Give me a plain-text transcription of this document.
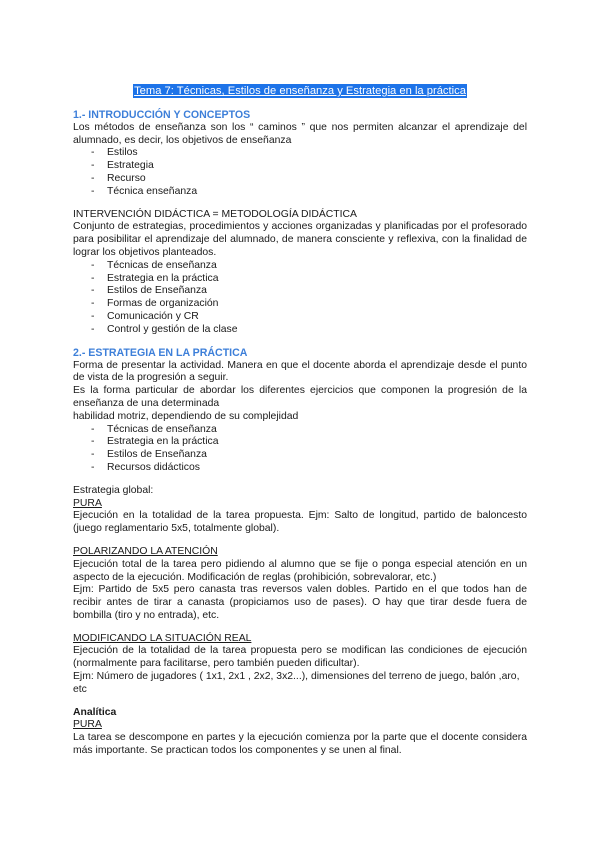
Tema 7: Técnicas, Estilos de enseñanza y Estrategia en la práctica

1.- INTRODUCCIÓN Y CONCEPTOS

Los métodos de enseñanza son los “ caminos ” que nos permiten alcanzar el aprendizaje del alumnado, es decir, los objetivos de enseñanza

- Estilos
- Estrategia
- Recurso
- Técnica enseñanza

INTERVENCIÓN DIDÁCTICA = METODOLOGÍA DIDÁCTICA

Conjunto de estrategias, procedimientos y acciones organizadas y planificadas por el profesorado para posibilitar el aprendizaje del alumnado, de manera consciente y reflexiva, con la finalidad de lograr los objetivos planteados.

- Técnicas de enseñanza
- Estrategia en la práctica
- Estilos de Enseñanza
- Formas de organización
- Comunicación y CR
- Control y gestión de la clase

2.- ESTRATEGIA EN LA PRÁCTICA

Forma de presentar la actividad. Manera en que el docente aborda el aprendizaje desde el punto de vista de la progresión a seguir.

Es la forma particular de abordar los diferentes ejercicios que componen la progresión de la enseñanza de una determinada

habilidad motriz, dependiendo de su complejidad

- Técnicas de enseñanza
- Estrategia en la práctica
- Estilos de Enseñanza
- Recursos didácticos

Estrategia global:

PURA

Ejecución en la totalidad de la tarea propuesta. Ejm: Salto de longitud, partido de baloncesto (juego reglamentario 5x5, totalmente global).

POLARIZANDO LA ATENCIÓN

Ejecución total de la tarea pero pidiendo al alumno que se fije o ponga especial atención en un aspecto de la ejecución. Modificación de reglas (prohibición, sobrevalorar, etc.)

Ejm: Partido de 5x5 pero canasta tras reversos valen dobles. Partido en el que todos han de recibir antes de tirar a canasta (propiciamos uso de pases). O hay que tirar desde fuera de bombilla (tiro y no entrada), etc.

MODIFICANDO LA SITUACIÓN REAL

Ejecución de la totalidad de la tarea propuesta pero se modifican las condiciones de ejecución (normalmente para facilitarse, pero también pueden dificultar).

Ejm: Número de jugadores ( 1x1, 2x1 , 2x2, 3x2...), dimensiones del terreno de juego, balón ,aro, etc

Analítica

PURA

La tarea se descompone en partes y la ejecución comienza por la parte que el docente considera más importante. Se practican todos los componentes y se unen al final.
